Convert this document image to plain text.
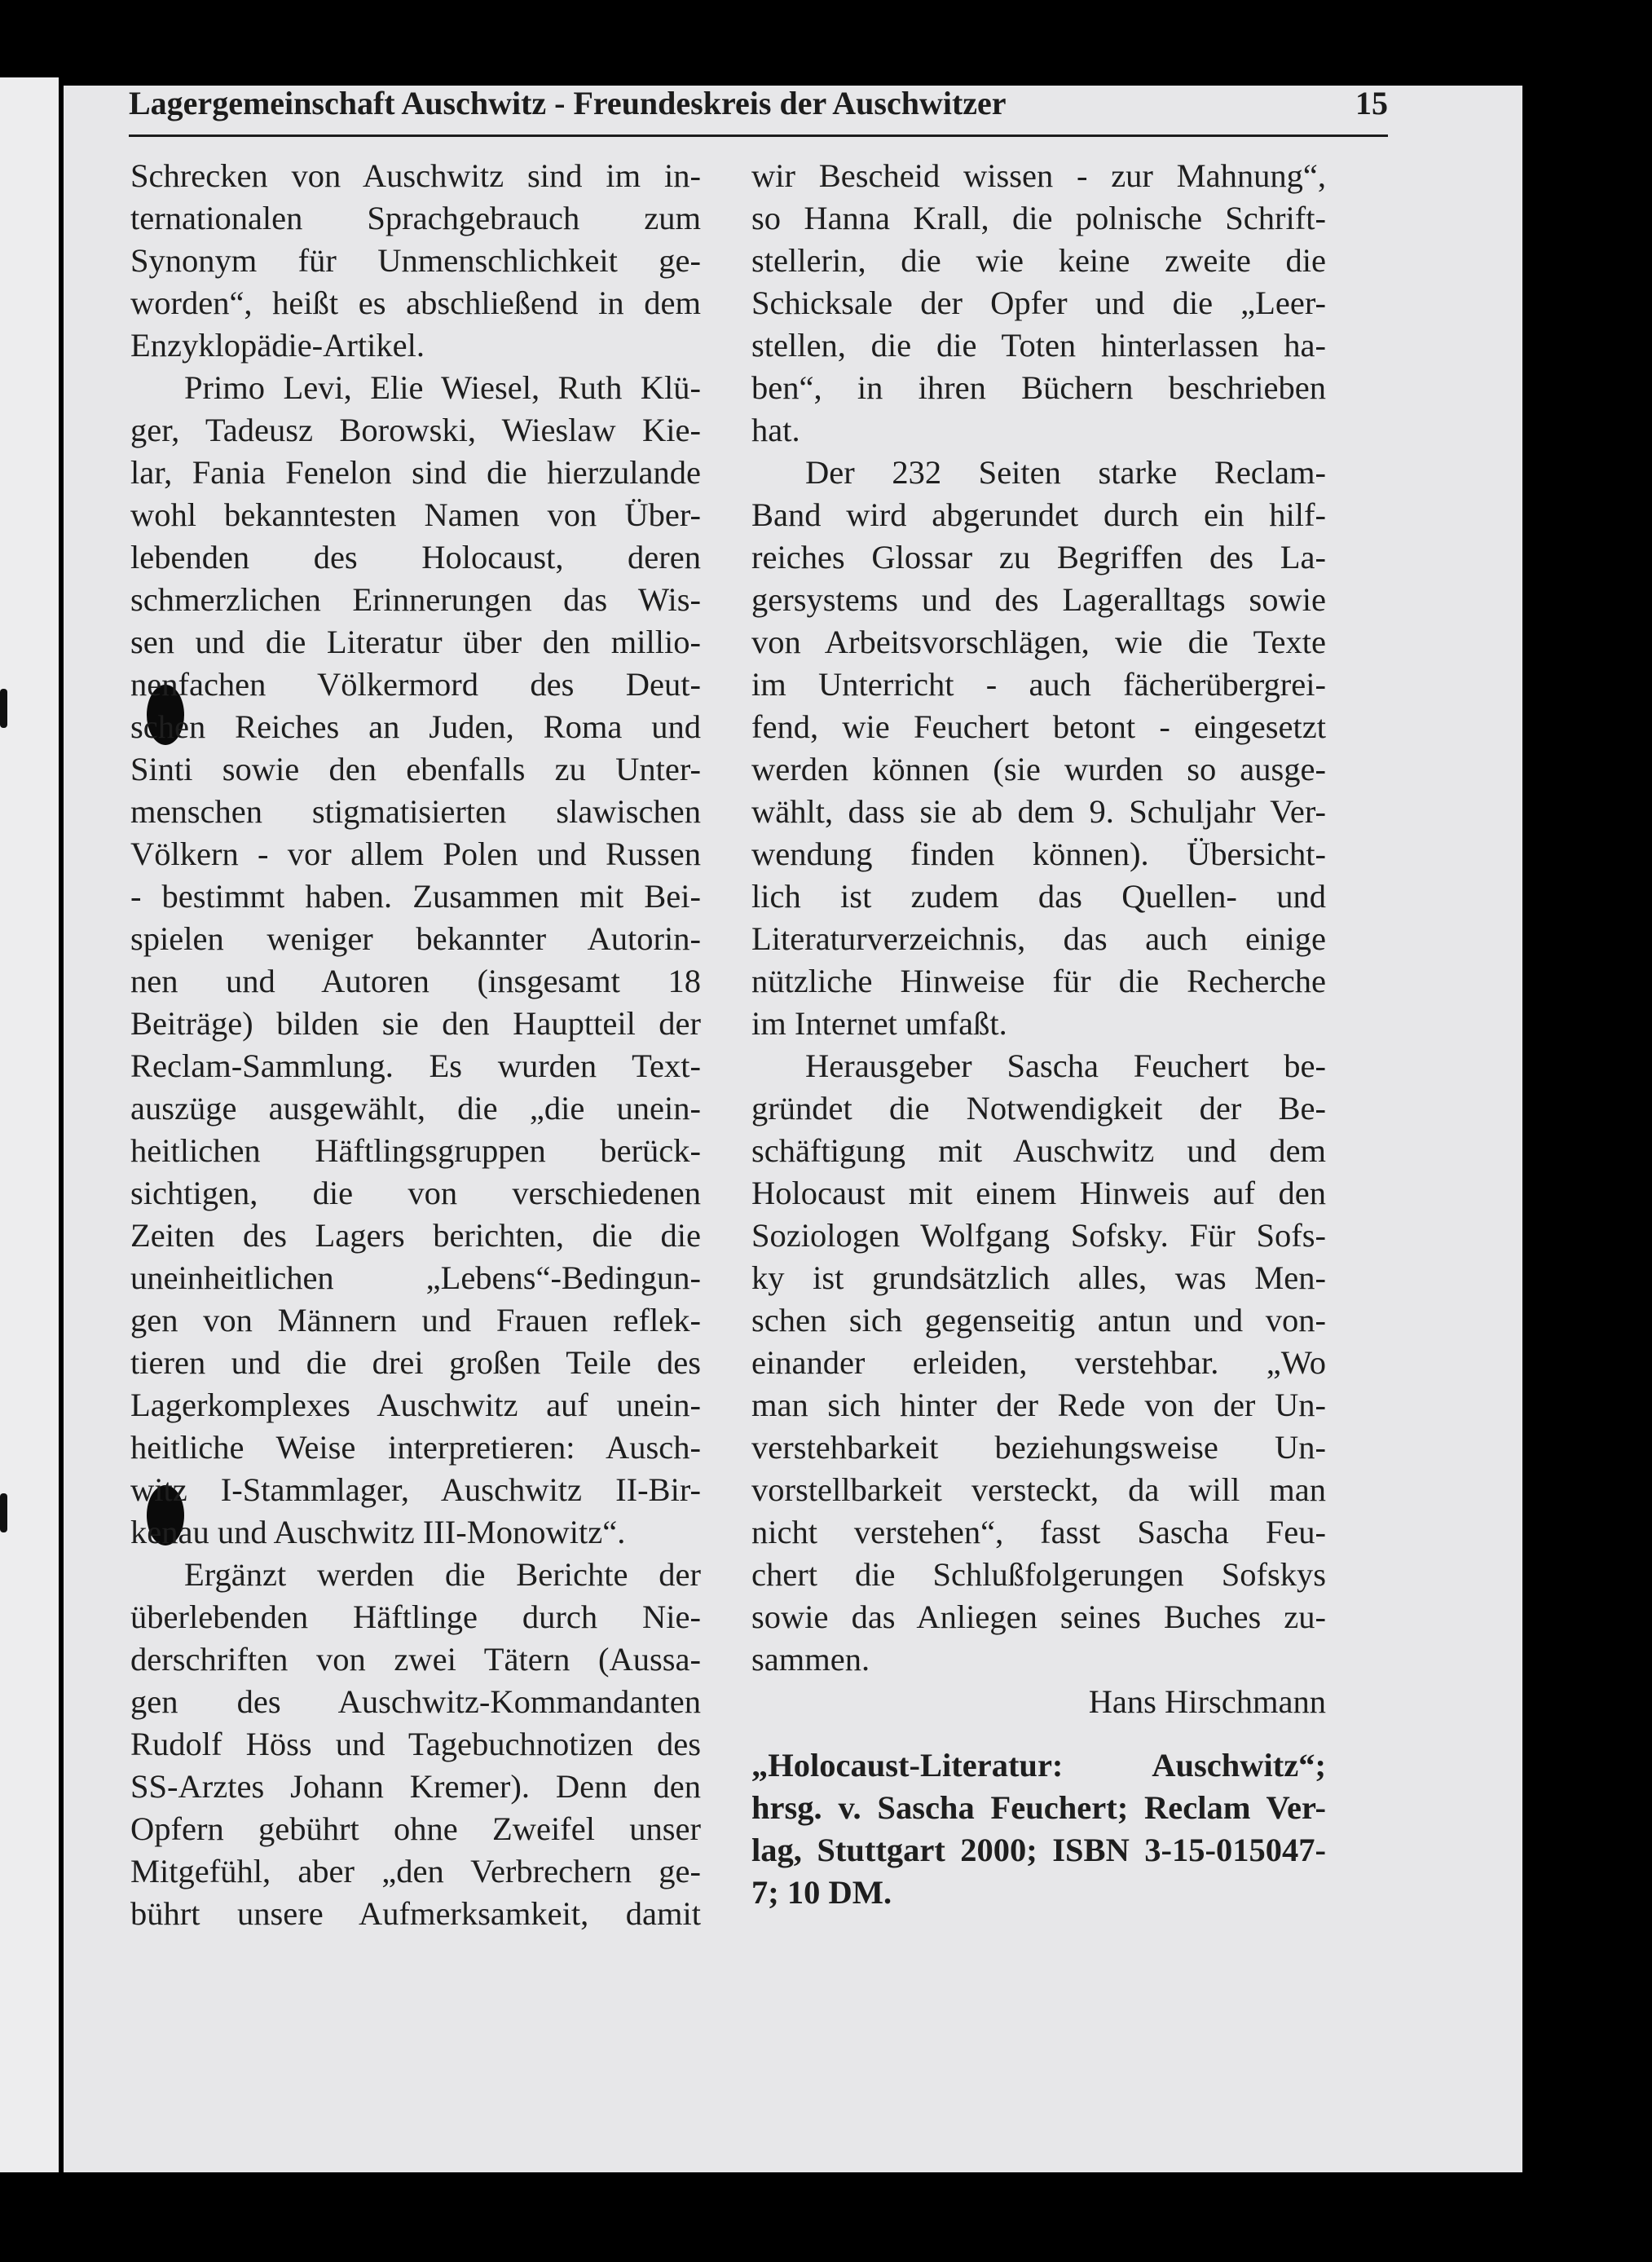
Lagergemeinschaft Auschwitz - Freundeskreis der Auschwitzer	15
Schrecken von Auschwitz sind im in-
ternationalen Sprachgebrauch zum
Synonym für Unmenschlichkeit ge-
worden“, heißt es abschließend in dem
Enzyklopädie-Artikel.
Primo Levi, Elie Wiesel, Ruth Klü-
ger, Tadeusz Borowski, Wieslaw Kie-
lar, Fania Fenelon sind die hierzulande
wohl bekanntesten Namen von Über-
lebenden des Holocaust, deren
schmerzlichen Erinnerungen das Wis-
sen und die Literatur über den millio-
nenfachen Völkermord des Deut-
schen Reiches an Juden, Roma und
Sinti sowie den ebenfalls zu Unter-
menschen stigmatisierten slawischen
Völkern - vor allem Polen und Russen
- bestimmt haben. Zusammen mit Bei-
spielen weniger bekannter Autorin-
nen und Autoren (insgesamt 18
Beiträge) bilden sie den Hauptteil der
Reclam-Sammlung. Es wurden Text-
auszüge ausgewählt, die „die unein-
heitlichen Häftlingsgruppen berück-
sichtigen, die von verschiedenen
Zeiten des Lagers berichten, die die
uneinheitlichen „Lebens“-Bedingun-
gen von Männern und Frauen reflek-
tieren und die drei großen Teile des
Lagerkomplexes Auschwitz auf unein-
heitliche Weise interpretieren: Ausch-
witz I-Stammlager, Auschwitz II-Bir-
kenau und Auschwitz III-Monowitz“.
Ergänzt werden die Berichte der
überlebenden Häftlinge durch Nie-
derschriften von zwei Tätern (Aussa-
gen des Auschwitz-Kommandanten
Rudolf Höss und Tagebuchnotizen des
SS-Arztes Johann Kremer). Denn den
Opfern gebührt ohne Zweifel unser
Mitgefühl, aber „den Verbrechern ge-
bührt unsere Aufmerksamkeit, damit
wir Bescheid wissen - zur Mahnung“,
so Hanna Krall, die polnische Schrift-
stellerin, die wie keine zweite die
Schicksale der Opfer und die „Leer-
stellen, die die Toten hinterlassen ha-
ben“, in ihren Büchern beschrieben
hat.
Der 232 Seiten starke Reclam-
Band wird abgerundet durch ein hilf-
reiches Glossar zu Begriffen des La-
gersystems und des Lageralltags sowie
von Arbeitsvorschlägen, wie die Texte
im Unterricht - auch fächerübergrei-
fend, wie Feuchert betont - eingesetzt
werden können (sie wurden so ausge-
wählt, dass sie ab dem 9. Schuljahr Ver-
wendung finden können). Übersicht-
lich ist zudem das Quellen- und
Literaturverzeichnis, das auch einige
nützliche Hinweise für die Recherche
im Internet umfaßt.
Herausgeber Sascha Feuchert be-
gründet die Notwendigkeit der Be-
schäftigung mit Auschwitz und dem
Holocaust mit einem Hinweis auf den
Soziologen Wolfgang Sofsky. Für Sofs-
ky ist grundsätzlich alles, was Men-
schen sich gegenseitig antun und von-
einander erleiden, verstehbar. „Wo
man sich hinter der Rede von der Un-
verstehbarkeit beziehungsweise Un-
vorstellbarkeit versteckt, da will man
nicht verstehen“, fasst Sascha Feu-
chert die Schlußfolgerungen Sofskys
sowie das Anliegen seines Buches zu-
sammen.
Hans Hirschmann
„Holocaust-Literatur: Auschwitz“;
hrsg. v. Sascha Feuchert; Reclam Ver-
lag, Stuttgart 2000; ISBN 3-15-015047-
7; 10 DM.
